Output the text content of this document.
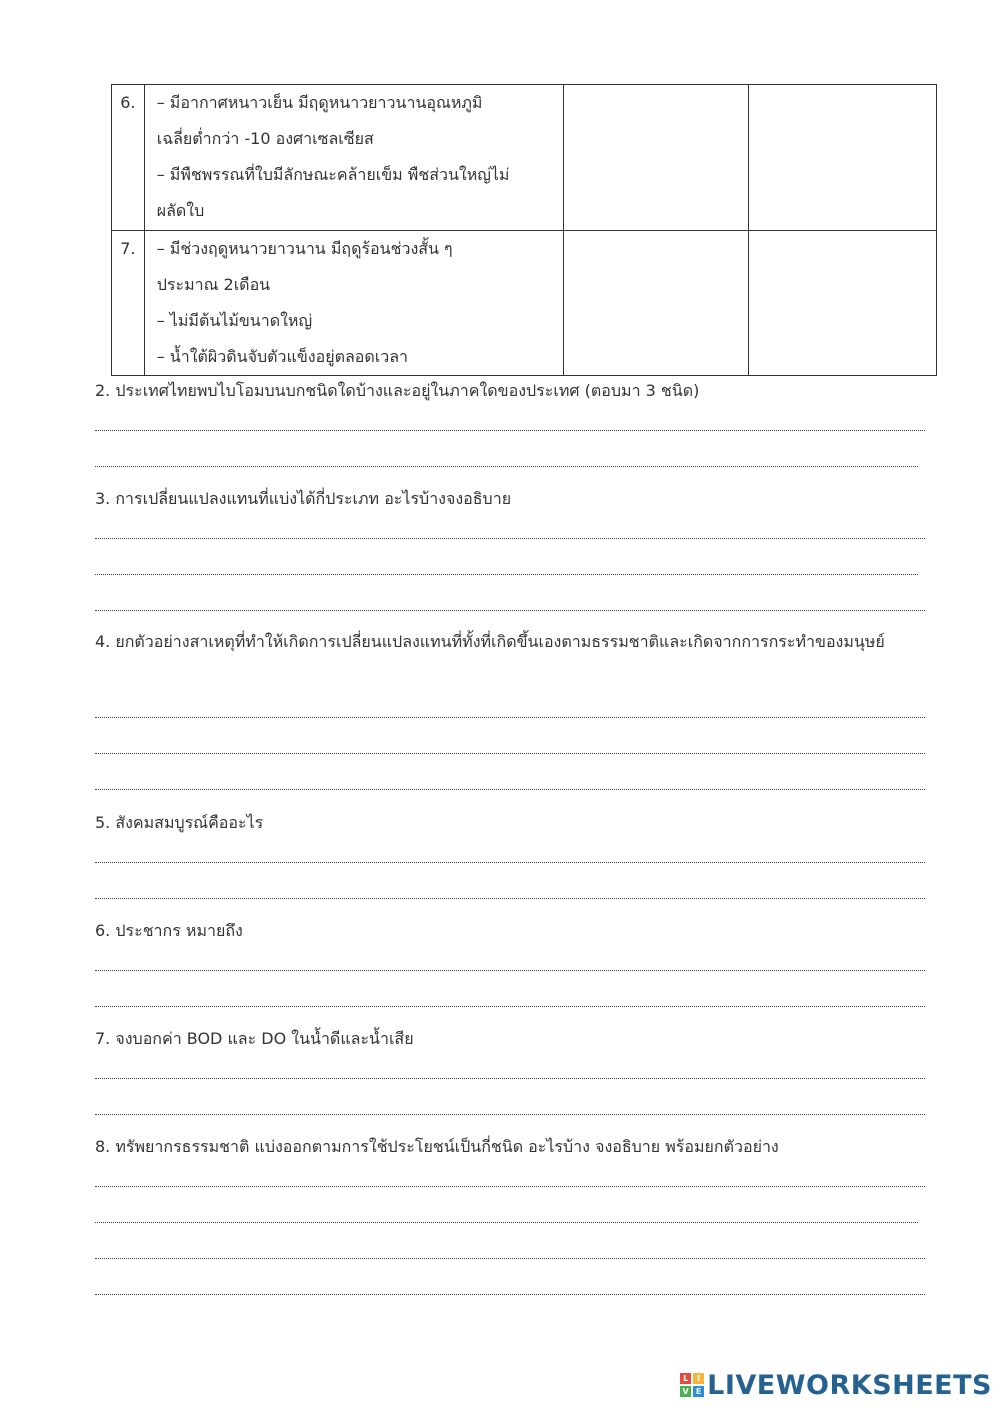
6.	– มีอากาศหนาวเย็น มีฤดูหนาวยาวนานอุณหภูมิ
เฉลี่ยต่ำกว่า -10 องศาเซลเซียส
– มีพืชพรรณที่ใบมีลักษณะคล้ายเข็ม พืชส่วนใหญ่ไม่
ผลัดใบ		

7.	– มีช่วงฤดูหนาวยาวนาน มีฤดูร้อนช่วงสั้น ๆ
ประมาณ 2เดือน
– ไม่มีต้นไม้ขนาดใหญ่
– น้ำใต้ผิวดินจับตัวแข็งอยู่ตลอดเวลา		

2. ประเทศไทยพบไบโอมบนบกชนิดใดบ้างและอยู่ในภาคใดของประเทศ (ตอบมา 3 ชนิด)
3. การเปลี่ยนแปลงแทนที่แบ่งได้กี่ประเภท อะไรบ้างจงอธิบาย
4. ยกตัวอย่างสาเหตุที่ทำให้เกิดการเปลี่ยนแปลงแทนที่ทั้งที่เกิดขึ้นเองตามธรรมชาติและเกิดจากการกระทำของมนุษย์
5. สังคมสมบูรณ์คืออะไร
6. ประชากร หมายถึง
7. จงบอกค่า BOD และ DO ในน้ำดีและน้ำเสีย
8. ทรัพยากรธรรมชาติ แบ่งออกตามการใช้ประโยชน์เป็นกี่ชนิด อะไรบ้าง จงอธิบาย พร้อมยกตัวอย่าง
L	I
V E LIVEWORKSHEETS
